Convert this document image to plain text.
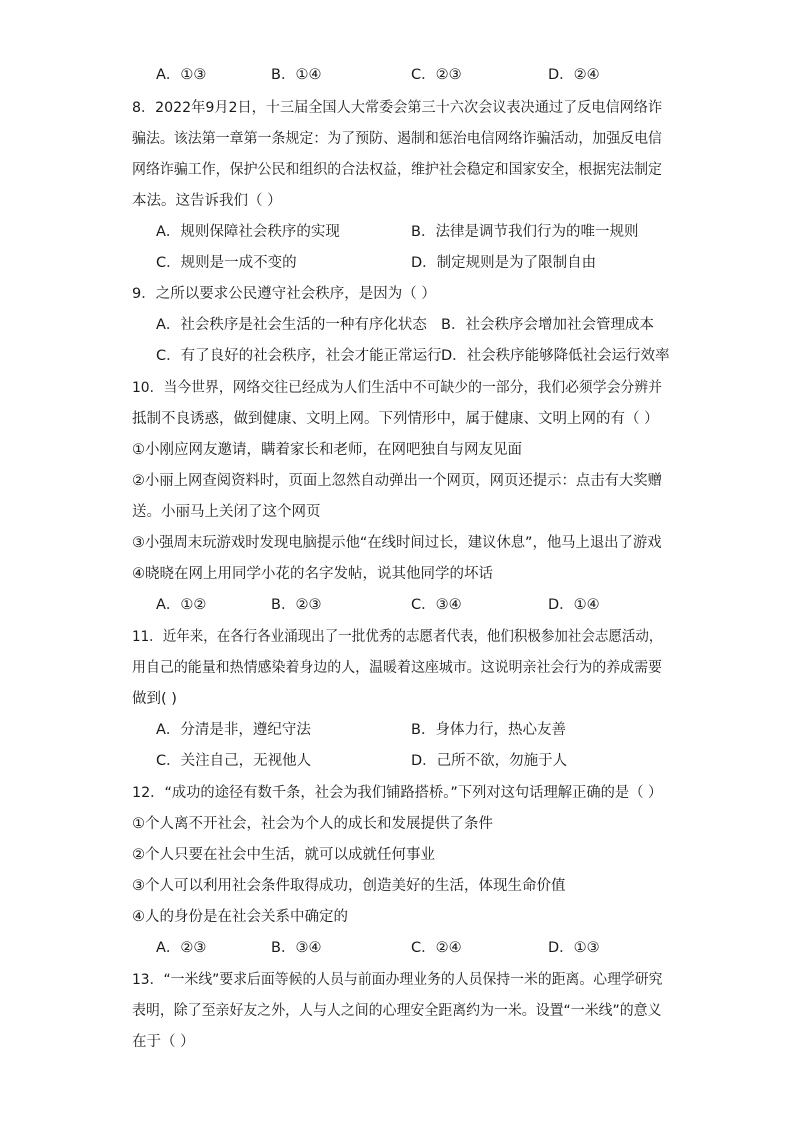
A．①③	B．①④	C．②③	D．②④
8．2022年9月2日，十三届全国人大常委会第三十六次会议表决通过了反电信网络诈
骗法。该法第一章第一条规定：为了预防、遏制和惩治电信网络诈骗活动，加强反电信
网络诈骗工作，保护公民和组织的合法权益，维护社会稳定和国家安全，根据宪法制定
本法。这告诉我们（ ）
A．规则保障社会秩序的实现	B．法律是调节我们行为的唯一规则
C．规则是一成不变的	D．制定规则是为了限制自由
9．之所以要求公民遵守社会秩序，是因为（ ）
A．社会秩序是社会生活的一种有序化状态 B．社会秩序会增加社会管理成本
C．有了良好的社会秩序，社会才能正常运行 D．社会秩序能够降低社会运行效率
10．当今世界，网络交往已经成为人们生活中不可缺少的一部分，我们必须学会分辨并
抵制不良诱惑，做到健康、文明上网。下列情形中，属于健康、文明上网的有（ ）
①小刚应网友邀请，瞒着家长和老师，在网吧独自与网友见面
②小丽上网查阅资料时，页面上忽然自动弹出一个网页，网页还提示：点击有大奖赠
送。小丽马上关闭了这个网页
③小强周末玩游戏时发现电脑提示他“在线时间过长，建议休息”，他马上退出了游戏
④晓晓在网上用同学小花的名字发帖，说其他同学的坏话
A．①②	B．②③	C．③④	D．①④
11．近年来，在各行各业涌现出了一批优秀的志愿者代表，他们积极参加社会志愿活动，
用自己的能量和热情感染着身边的人，温暖着这座城市。这说明亲社会行为的养成需要
做到( )
A．分清是非，遵纪守法	B．身体力行，热心友善
C．关注自己，无视他人	D．己所不欲，勿施于人
12．“成功的途径有数千条，社会为我们铺路搭桥。”下列对这句话理解正确的是（ ）
①个人离不开社会，社会为个人的成长和发展提供了条件
②个人只要在社会中生活，就可以成就任何事业
③个人可以利用社会条件取得成功，创造美好的生活，体现生命价值
④人的身份是在社会关系中确定的
A．②③	B．③④	C．②④	D．①③
13．“一米线”要求后面等候的人员与前面办理业务的人员保持一米的距离。心理学研究
表明，除了至亲好友之外，人与人之间的心理安全距离约为一米。设置“一米线”的意义
在于（ ）
